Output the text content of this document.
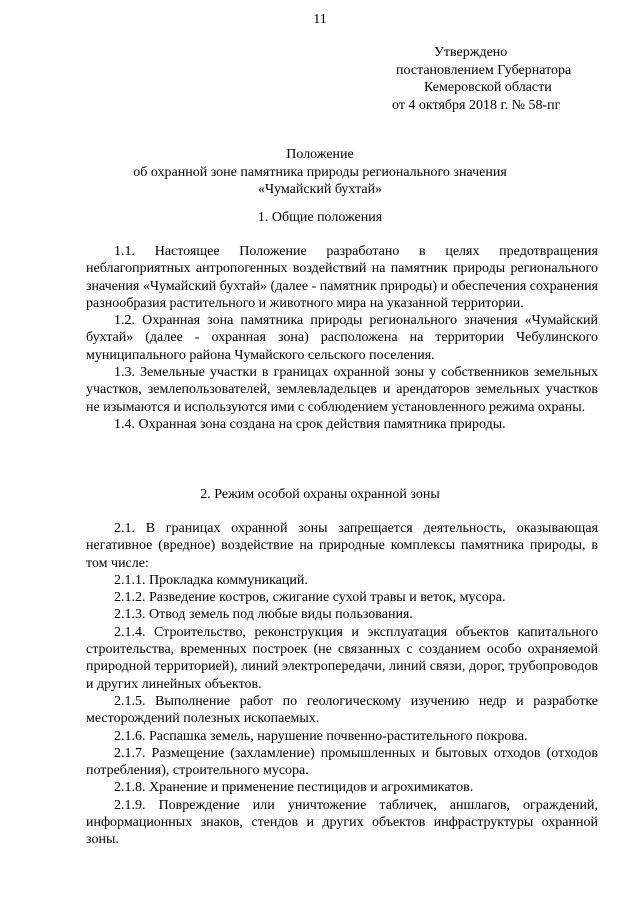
11
Утверждено
постановлением Губернатора
Кемеровской области
от 4 октября 2018 г. № 58-пг
Положение
об охранной зоне памятника природы регионального значения
«Чумайский бухтай»
1. Общие положения

1.1. Настоящее Положение разработано в целях предотвращения неблагоприятных антропогенных воздействий на памятник природы регионального значения «Чумайский бухтай» (далее - памятник природы) и обеспечения сохранения разнообразия растительного и животного мира на указанной территории.

1.2. Охранная зона памятника природы регионального значения «Чумайский бухтай» (далее - охранная зона) расположена на территории Чебулинского муниципального района Чумайского сельского поселения.

1.3. Земельные участки в границах охранной зоны у собственников земельных участков, землепользователей, землевладельцев и арендаторов земельных участков не изымаются и используются ими с соблюдением установленного режима охраны.

1.4. Охранная зона создана на срок действия памятника природы.

2. Режим особой охраны охранной зоны

2.1. В границах охранной зоны запрещается деятельность, оказывающая негативное (вредное) воздействие на природные комплексы памятника природы, в том числе:

2.1.1. Прокладка коммуникаций.

2.1.2. Разведение костров, сжигание сухой травы и веток, мусора.

2.1.3. Отвод земель под любые виды пользования.

2.1.4. Строительство, реконструкция и эксплуатация объектов капитального строительства, временных построек (не связанных с созданием особо охраняемой природной территорией), линий электропередачи, линий связи, дорог, трубопроводов и других линейных объектов.

2.1.5. Выполнение работ по геологическому изучению недр и разработке месторождений полезных ископаемых.

2.1.6. Распашка земель, нарушение почвенно-растительного покрова.

2.1.7. Размещение (захламление) промышленных и бытовых отходов (отходов потребления), строительного мусора.

2.1.8. Хранение и применение пестицидов и агрохимикатов.

2.1.9. Повреждение или уничтожение табличек, аншлагов, ограждений, информационных знаков, стендов и других объектов инфраструктуры охранной зоны.
